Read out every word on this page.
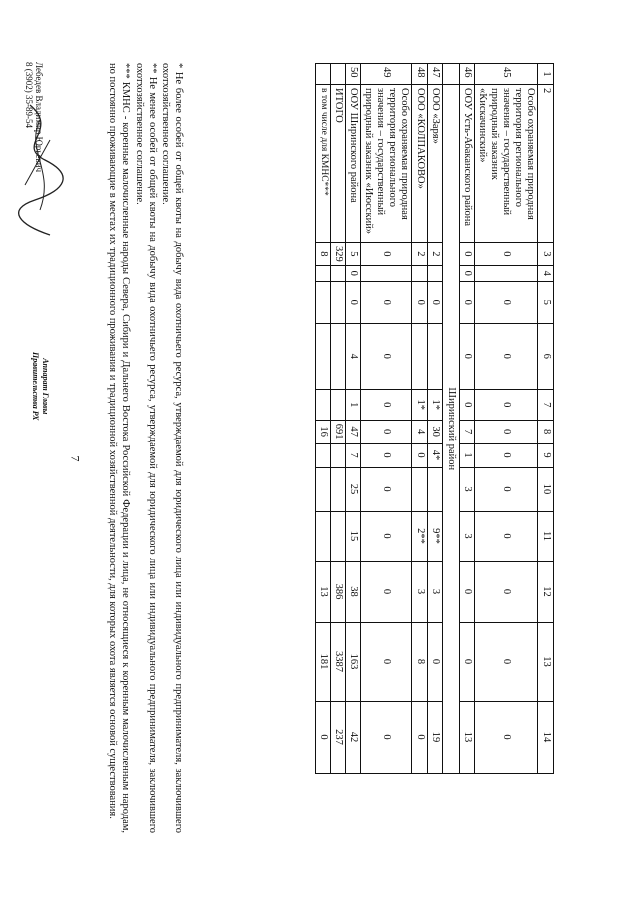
7
1	2	3	4	5	6	7	8	9	10	11	12	13	14
45	Особо охраняемая природная территория регионального значения – государственный природный заказник «Кискачинский»	0		0	0	0	0	0	0	0	0	0	0
46	ООУ Усть-Абаканского района	0	0	0	0	0	7	1	3	3	0	0	13
	Ширинский район												
47	ООО «Заря»	2		0		1*	30	4*		9**	3	0	19
48	ООО «КОЛПАКОВО»	2		0		1*	4	0		2**	3	8	0
49	Особо охраняемая природная территория регионального значения – государственный природный заказник «Июсский»	0		0	0	0	0	0	0	0	0	0	0
50	ООУ Ширинского района	5	0	0	4	1	47	7	25	15	38	163	42
	ИТОГО	329					691				386	3387	237
	в том числе для КМНС***	8					16				13	181	0

* Не более особей от общей квоты на добычу вида охотничьего ресурса, утверждаемой для юридического лица или индивидуального предпринимателя, заключившего охотхозяйственное соглашение.

** Не менее особей от общей квоты на добычу вида охотничьего ресурса, утверждаемой для юридического лица или индивидуального предпринимателя, заключившего охотхозяйственное соглашение.

*** КМНС - коренные малочисленные народы Севера, Сибири и Дальнего Востока Российской Федерации и лица, не относящиеся к коренным малочисленным народам, но постоянно проживающие в местах их традиционного проживания и традиционной хозяйственной деятельности, для которых охота является основой существования.

Лебедев Владимир Юрьевич
8 (3902) 35-89-54
Аппарат Главы
Правительства РХ
